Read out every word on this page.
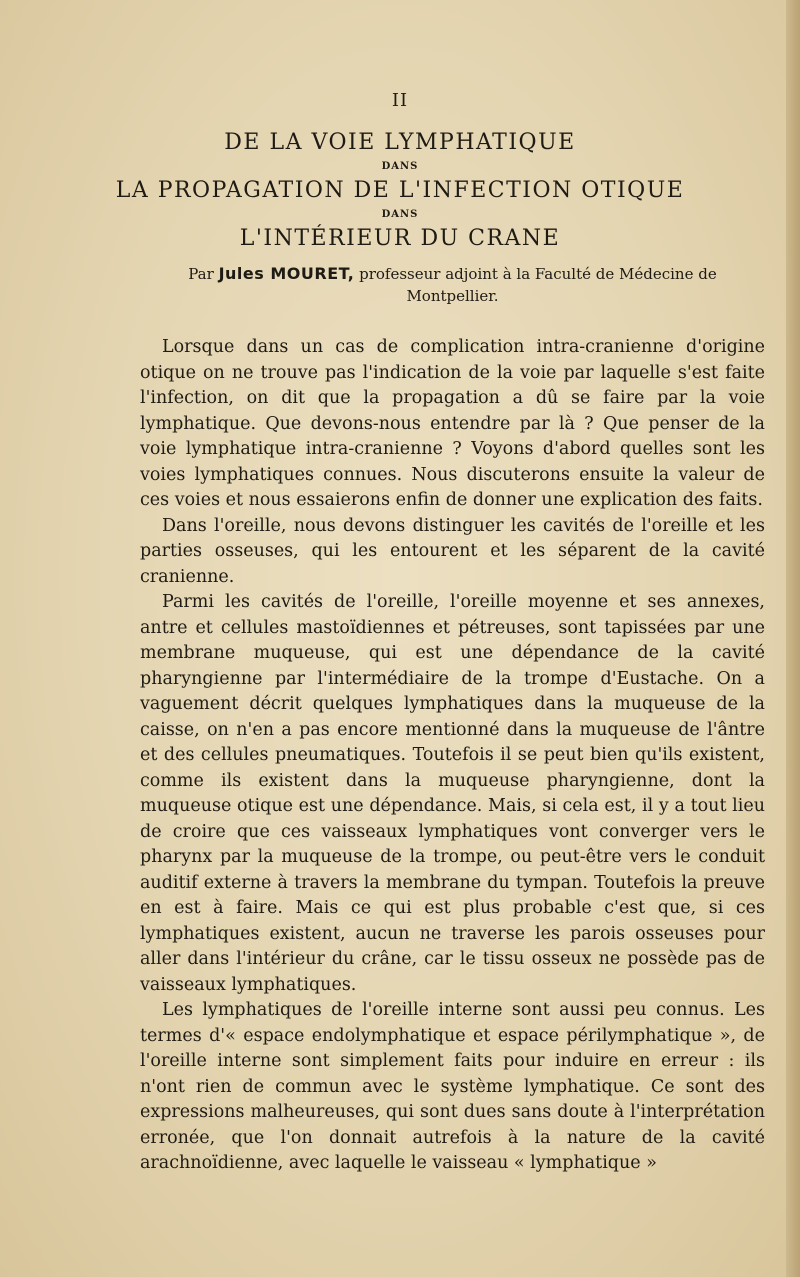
II

DE LA VOIE LYMPHATIQUE

DANS

LA PROPAGATION DE L'INFECTION OTIQUE

DANS

L'INTÉRIEUR DU CRANE

Par Jules MOURET, professeur adjoint à la Faculté de Médecine de Montpellier.

Lorsque dans un cas de complication intra-cranienne d'origine otique on ne trouve pas l'indication de la voie par laquelle s'est faite l'infection, on dit que la propagation a dû se faire par la voie lymphatique. Que devons-nous entendre par là ? Que penser de la voie lymphatique intra-cranienne ? Voyons d'abord quelles sont les voies lymphatiques connues. Nous discuterons ensuite la valeur de ces voies et nous essaierons enfin de donner une explication des faits.

Dans l'oreille, nous devons distinguer les cavités de l'oreille et les parties osseuses, qui les entourent et les séparent de la cavité cranienne.

Parmi les cavités de l'oreille, l'oreille moyenne et ses annexes, antre et cellules mastoïdiennes et pétreuses, sont tapissées par une membrane muqueuse, qui est une dépendance de la cavité pharyngienne par l'intermédiaire de la trompe d'Eustache. On a vaguement décrit quelques lymphatiques dans la muqueuse de la caisse, on n'en a pas encore mentionné dans la muqueuse de l'ântre et des cellules pneumatiques. Toutefois il se peut bien qu'ils existent, comme ils existent dans la muqueuse pharyngienne, dont la muqueuse otique est une dépendance. Mais, si cela est, il y a tout lieu de croire que ces vaisseaux lymphatiques vont converger vers le pharynx par la muqueuse de la trompe, ou peut-être vers le conduit auditif externe à travers la membrane du tympan. Toutefois la preuve en est à faire. Mais ce qui est plus probable c'est que, si ces lymphatiques existent, aucun ne traverse les parois osseuses pour aller dans l'intérieur du crâne, car le tissu osseux ne possède pas de vaisseaux lymphatiques.

Les lymphatiques de l'oreille interne sont aussi peu connus. Les termes d'« espace endolymphatique et espace périlymphatique », de l'oreille interne sont simplement faits pour induire en erreur : ils n'ont rien de commun avec le système lymphatique. Ce sont des expressions malheureuses, qui sont dues sans doute à l'interprétation erronée, que l'on donnait autrefois à la nature de la cavité arachnoïdienne, avec laquelle le vaisseau « lymphatique »
